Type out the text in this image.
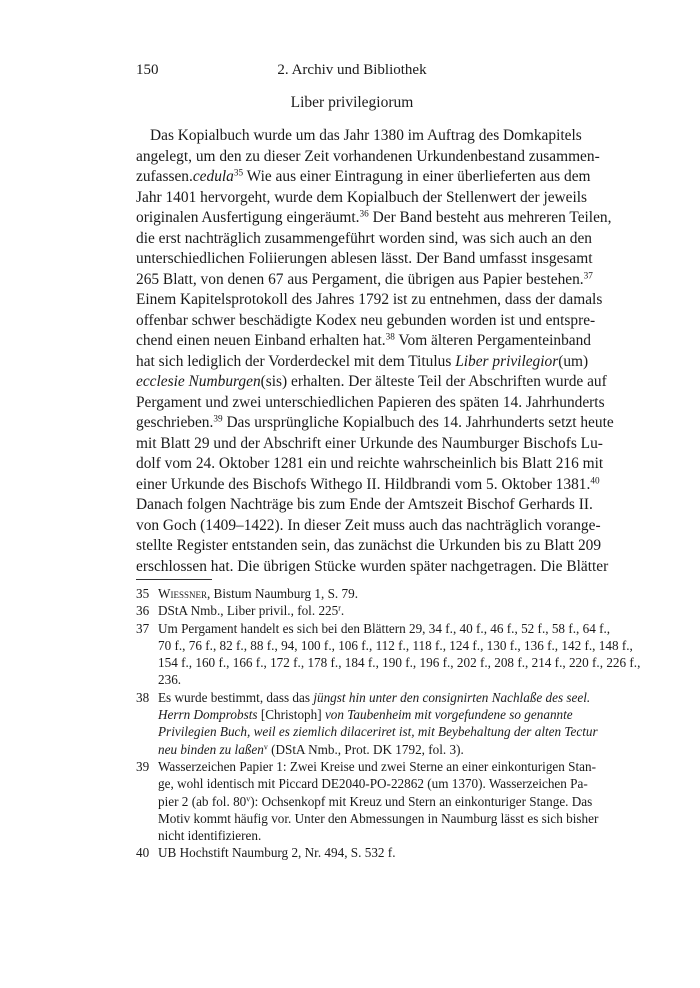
150	2. Archiv und Bibliothek
Liber privilegiorum
Das Kopialbuch wurde um das Jahr 1380 im Auftrag des Domkapitels
angelegt, um den zu dieser Zeit vorhandenen Urkundenbestand zusammen-
zufassen.cedula$^{35}$ Wie aus einer Eintragung in einer überlieferten aus dem
Jahr 1401 hervorgeht, wurde dem Kopialbuch der Stellenwert der jeweils
originalen Ausfertigung eingeräumt.$^{36}$ Der Band besteht aus mehreren Teilen,
die erst nachträglich zusammengeführt worden sind, was sich auch an den
unterschiedlichen Foliierungen ablesen lässt. Der Band umfasst insgesamt
265 Blatt, von denen 67 aus Pergament, die übrigen aus Papier bestehen.$^{37}$
Einem Kapitelsprotokoll des Jahres 1792 ist zu entnehmen, dass der damals
offenbar schwer beschädigte Kodex neu gebunden worden ist und entspre-
chend einen neuen Einband erhalten hat.$^{38}$ Vom älteren Pergamenteinband
hat sich lediglich der Vorderdeckel mit dem Titulus Liber privilegior(um)
ecclesie Numburgen(sis) erhalten. Der älteste Teil der Abschriften wurde auf
Pergament und zwei unterschiedlichen Papieren des späten 14. Jahrhunderts
geschrieben.$^{39}$ Das ursprüngliche Kopialbuch des 14. Jahrhunderts setzt heute
mit Blatt 29 und der Abschrift einer Urkunde des Naumburger Bischofs Lu-
dolf vom 24. Oktober 1281 ein und reichte wahrscheinlich bis Blatt 216 mit
einer Urkunde des Bischofs Withego II. Hildbrandi vom 5. Oktober 1381.40
Danach folgen Nachträge bis zum Ende der Amtszeit Bischof Gerhards II.
von Goch (1409–1422). In dieser Zeit muss auch das nachträglich vorange-
stellte Register entstanden sein, das zunächst die Urkunden bis zu Blatt 209
erschlossen hat. Die übrigen Stücke wurden später nachgetragen. Die Blätter
35 Wiessner, Bistum Naumburg 1, S. 79.
36 DStA Nmb., Liber privil., fol. 225$^r$.
37 Um Pergament handelt es sich bei den Blättern 29, 34 f., 40 f., 46 f., 52 f., 58 f., 64 f.,
70 f., 76 f., 82 f., 88 f., 94, 100 f., 106 f., 112 f., 118 f., 124 f., 130 f., 136 f., 142 f., 148 f.,
154 f., 160 f., 166 f., 172 f., 178 f., 184 f., 190 f., 196 f., 202 f., 208 f., 214 f., 220 f., 226 f.,
236.
38 Es wurde bestimmt, dass das jüngst hin unter den consignirten Nachlaße des seel.
Herrn Domprobsts [Christoph] von Taubenheim mit vorgefundene so genannte
Privilegien Buch, weil es ziemlich dilaceriret ist, mit Beybehaltung der alten Tectur
neu binden zu laßen$^v$ (DStA Nmb., Prot. DK 1792, fol. 3).
39 Wasserzeichen Papier 1: Zwei Kreise und zwei Sterne an einer einkonturigen Stan-
ge, wohl identisch mit Piccard DE2040-PO-22862 (um 1370). Wasserzeichen Pa-
pier 2 (ab fol. 80$^v$): Ochsenkopf mit Kreuz und Stern an einkonturiger Stange. Das
Motiv kommt häufig vor. Unter den Abmessungen in Naumburg lässt es sich bisher
nicht identifizieren.
40 UB Hochstift Naumburg 2, Nr. 494, S. 532 f.
